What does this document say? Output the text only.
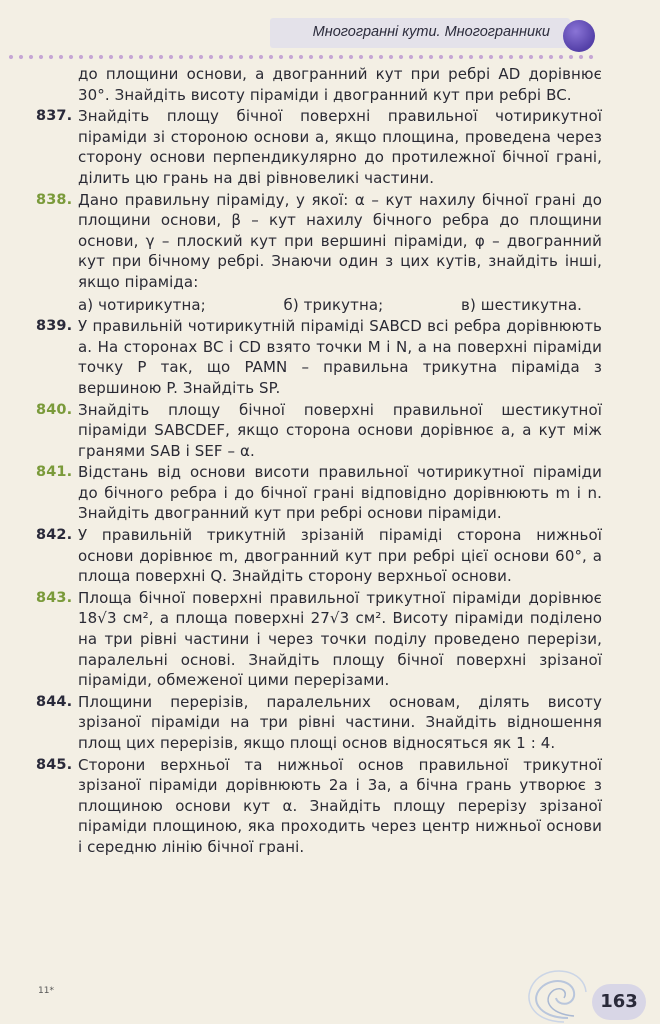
Многогранні кути. Многогранники
до площини основи, а двогранний кут при ребрі AD дорівнює 30°. Знайдіть висоту піраміди і двогранний кут при ребрі BC.
837. Знайдіть площу бічної поверхні правильної чотирикутної піраміди зі стороною основи a, якщо площина, проведена через сторону основи перпендикулярно до протилежної бічної грані, ділить цю грань на дві рівновеликі частини.
838. Дано правильну піраміду, у якої: α – кут нахилу бічної грані до площини основи, β – кут нахилу бічного ребра до площини основи, γ – плоский кут при вершині піраміди, φ – двогранний кут при бічному ребрі. Знаючи один з цих кутів, знайдіть інші, якщо піраміда:
а) чотирикутна;	б) трикутна;	в) шестикутна.
839. У правильній чотирикутній піраміді SABCD всі ребра дорівнюють a. На сторонах BC і CD взято точки M і N, а на поверхні піраміди точку P так, що PAMN – правильна трикутна піраміда з вершиною P. Знайдіть SP.
840. Знайдіть площу бічної поверхні правильної шестикутної піраміди SABCDEF, якщо сторона основи дорівнює a, а кут між гранями SAB і SEF – α.
841. Відстань від основи висоти правильної чотирикутної піраміди до бічного ребра і до бічної грані відповідно дорівнюють m і n. Знайдіть двогранний кут при ребрі основи піраміди.
842. У правильній трикутній зрізаній піраміді сторона нижньої основи дорівнює m, двогранний кут при ребрі цієї основи 60°, а площа поверхні Q. Знайдіть сторону верхньої основи.
843. Площа бічної поверхні правильної трикутної піраміди дорівнює 18√3 см², а площа поверхні 27√3 см². Висоту піраміди поділено на три рівні частини і через точки поділу проведено перерізи, паралельні основі. Знайдіть площу бічної поверхні зрізаної піраміди, обмеженої цими перерізами.
844. Площини перерізів, паралельних основам, ділять висоту зрізаної піраміди на три рівні частини. Знайдіть відношення площ цих перерізів, якщо площі основ відносяться як 1 : 4.
845. Сторони верхньої та нижньої основ правильної трикутної зрізаної піраміди дорівнюють 2a і 3a, а бічна грань утворює з площиною основи кут α. Знайдіть площу перерізу зрізаної піраміди площиною, яка проходить через центр нижньої основи і середню лінію бічної грані.
11*	163
